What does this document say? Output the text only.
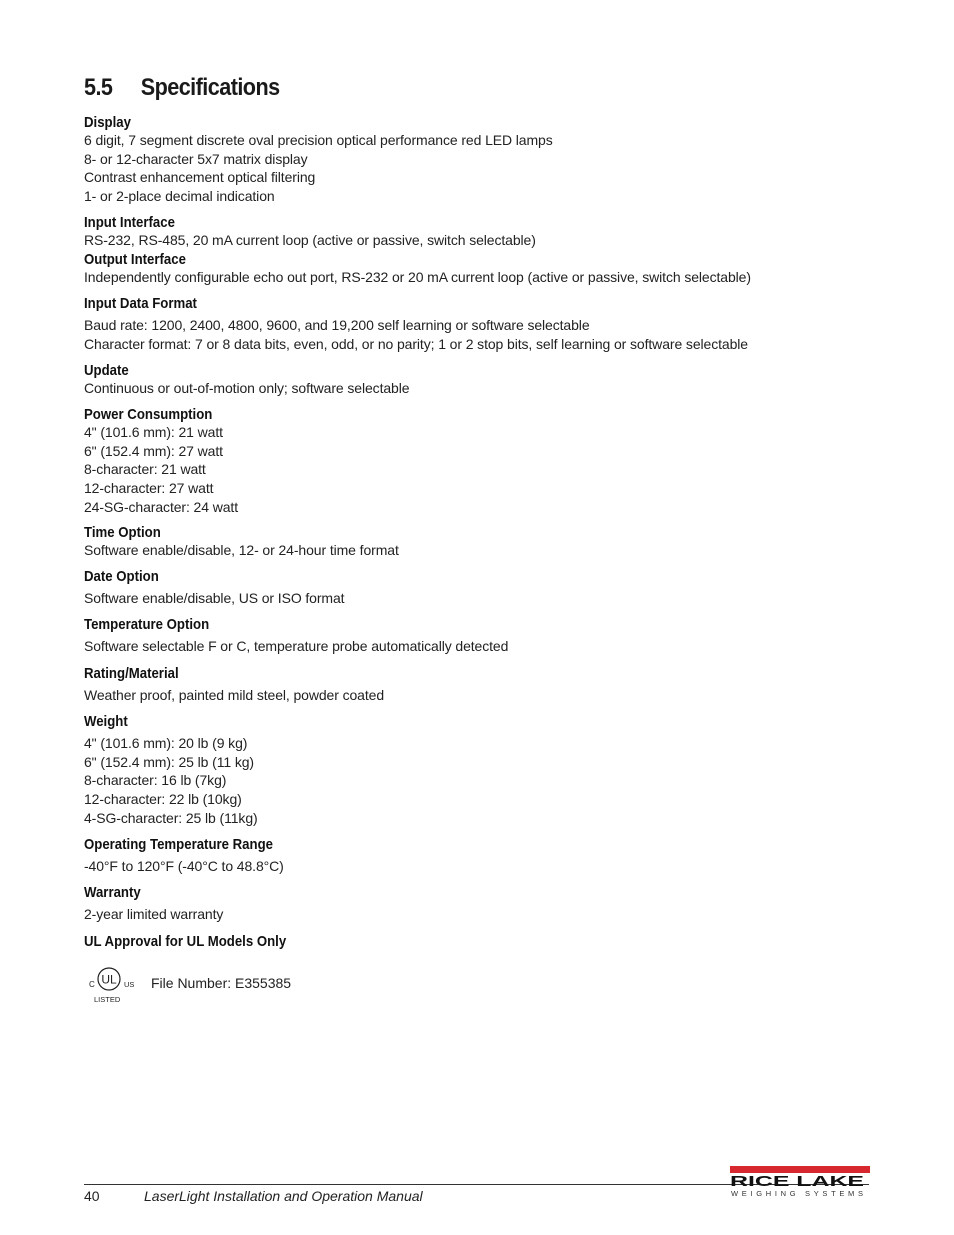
5.5 Specifications
Display
6 digit, 7 segment discrete oval precision optical performance red LED lamps
8- or 12-character 5x7 matrix display
Contrast enhancement optical filtering
1- or 2-place decimal indication
Input Interface
RS-232, RS-485, 20 mA current loop (active or passive, switch selectable)
Output Interface
Independently configurable echo out port, RS-232 or 20 mA current loop (active or passive, switch selectable)
Input Data Format
Baud rate: 1200, 2400, 4800, 9600, and 19,200 self learning or software selectable
Character format: 7 or 8 data bits, even, odd, or no parity; 1 or 2 stop bits, self learning or software selectable
Update
Continuous or out-of-motion only; software selectable
Power Consumption
4" (101.6 mm): 21 watt
6" (152.4 mm): 27 watt
8-character: 21 watt
12-character: 27 watt
24-SG-character: 24 watt
Time Option
Software enable/disable, 12- or 24-hour time format
Date Option
Software enable/disable, US or ISO format
Temperature Option
Software selectable F or C, temperature probe automatically detected
Rating/Material
Weather proof, painted mild steel, powder coated
Weight
4" (101.6 mm): 20 lb (9 kg)
6" (152.4 mm): 25 lb (11 kg)
8-character: 16 lb (7kg)
12-character: 22 lb (10kg)
4-SG-character: 25 lb (11kg)
Operating Temperature Range
-40°F to 120°F (-40°C to 48.8°C)
Warranty
2-year limited warranty
UL Approval for UL Models Only
UL
C	US
LISTED
File Number: E355385
40	LaserLight Installation and Operation Manual
RICE LAKE
WEIGHING SYSTEMS
